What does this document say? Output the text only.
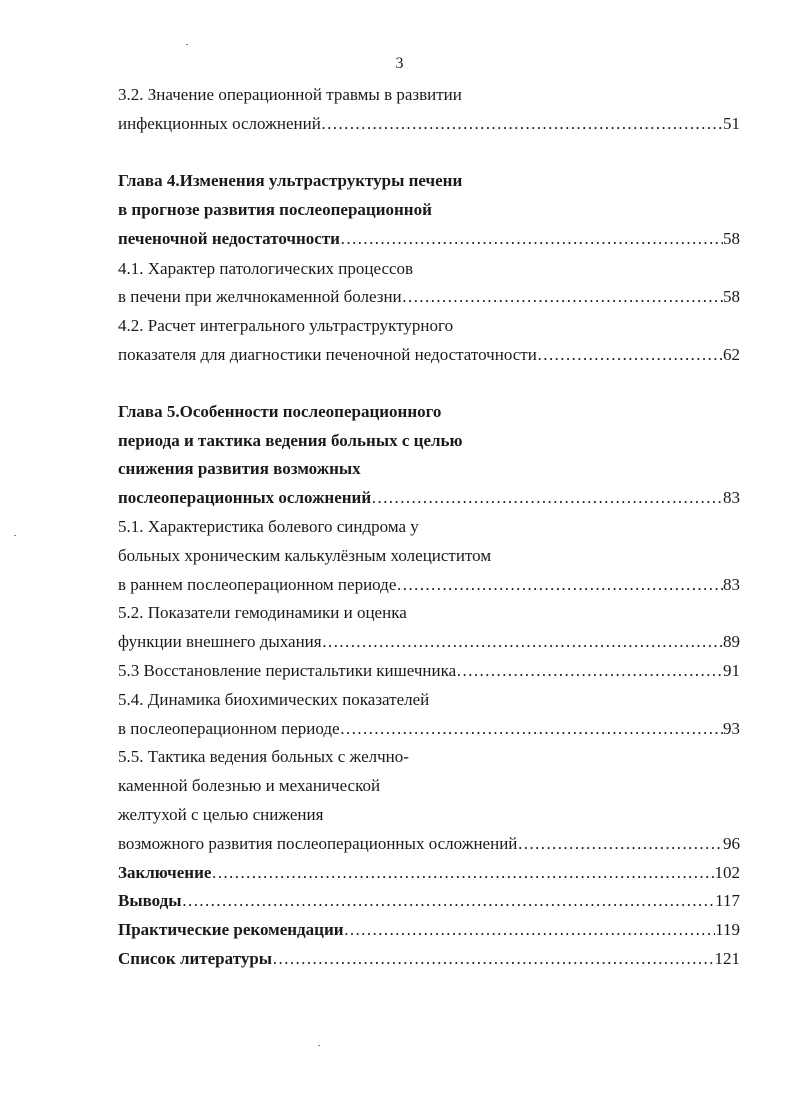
3
3.2. Значение операционной травмы в развитии
инфекционных осложнений …………………………………………………………………………………………………………………………………………………………………………………	51
Глава 4.Изменения ультраструктуры печени
в прогнозе развития послеоперационной
печеночной недостаточности …………………………………………………………………………………………………………………………………………………………………………………	58
4.1. Характер патологических процессов
в печени при желчнокаменной болезни …………………………………………………………………………………………………………………………………………………………………………………	58
4.2. Расчет интегрального ультраструктурного
показателя для диагностики печеночной недостаточности …………………………………………………………………………………………………………………………………………………………………………………	62
Глава 5.Особенности послеоперационного
периода и тактика ведения больных с целью
снижения развития возможных
послеоперационных осложнений …………………………………………………………………………………………………………………………………………………………………………………	83
5.1. Характеристика болевого синдрома у
больных хроническим калькулёзным холециститом
в раннем послеоперационном периоде …………………………………………………………………………………………………………………………………………………………………………………	83
5.2. Показатели гемодинамики и оценка
функции внешнего дыхания …………………………………………………………………………………………………………………………………………………………………………………	89
5.3 Восстановление перистальтики кишечника …………………………………………………………………………………………………………………………………………………………………………………	91
5.4. Динамика биохимических показателей
в послеоперационном периоде …………………………………………………………………………………………………………………………………………………………………………………	93
5.5. Тактика ведения больных с желчно-
каменной болезнью и механической
желтухой с целью снижения
возможного развития послеоперационных осложнений …………………………………………………………………………………………………………………………………………………………………………………	96
Заключение …………………………………………………………………………………………………………………………………………………………………………………	102
Выводы …………………………………………………………………………………………………………………………………………………………………………………	117
Практические рекомендации …………………………………………………………………………………………………………………………………………………………………………………	119
Список литературы …………………………………………………………………………………………………………………………………………………………………………………	121
